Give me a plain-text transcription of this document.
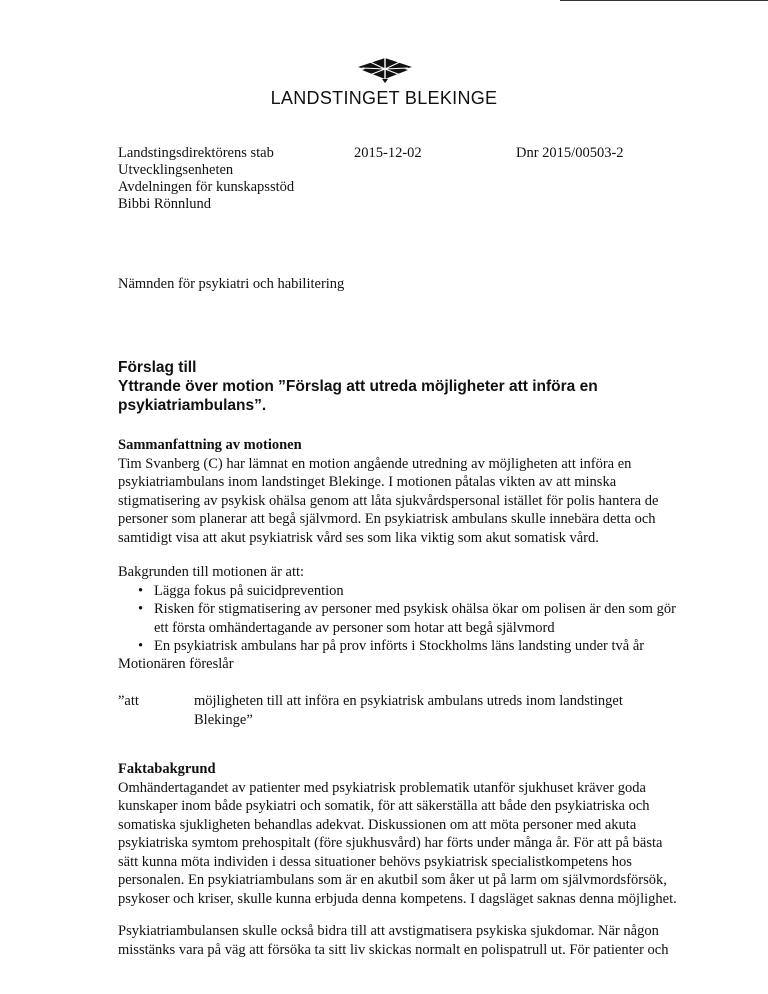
LANDSTINGET BLEKINGE
Landstingsdirektörens stab
Utvecklingsenheten
Avdelningen för kunskapsstöd
Bibbi Rönnlund
2015-12-02	Dnr 2015/00503-2
Nämnden för psykiatri och habilitering
Förslag till
Yttrande över motion ”Förslag att utreda möjligheter att införa en psykiatriambulans”.
Sammanfattning av motionen

Tim Svanberg (C) har lämnat en motion angående utredning av möjligheten att införa en psykiatriambulans inom landstinget Blekinge. I motionen påtalas vikten av att minska stigmatisering av psykisk ohälsa genom att låta sjukvårdspersonal istället för polis hantera de personer som planerar att begå självmord. En psykiatrisk ambulans skulle innebära detta och samtidigt visa att akut psykiatrisk vård ses som lika viktig som akut somatisk vård.

Bakgrunden till motionen är att:

• Lägga fokus på suicidprevention
• Risken för stigmatisering av personer med psykisk ohälsa ökar om polisen är den som gör ett första omhändertagande av personer som hotar att begå självmord
• En psykiatrisk ambulans har på prov införts i Stockholms läns landsting under två år
Motionären föreslår
”att	möjligheten till att införa en psykiatrisk ambulans utreds inom landstinget Blekinge”
Faktabakgrund

Omhändertagandet av patienter med psykiatrisk problematik utanför sjukhuset kräver goda kunskaper inom både psykiatri och somatik, för att säkerställa att både den psykiatriska och somatiska sjukligheten behandlas adekvat. Diskussionen om att möta personer med akuta psykiatriska symtom prehospitalt (före sjukhusvård) har förts under många år. För att på bästa sätt kunna möta individen i dessa situationer behövs psykiatrisk specialistkompetens hos personalen. En psykiatriambulans som är en akutbil som åker ut på larm om självmordsförsök, psykoser och kriser, skulle kunna erbjuda denna kompetens. I dagsläget saknas denna möjlighet.

Psykiatriambulansen skulle också bidra till att avstigmatisera psykiska sjukdomar. När någon misstänks vara på väg att försöka ta sitt liv skickas normalt en polispatrull ut. För patienter och
